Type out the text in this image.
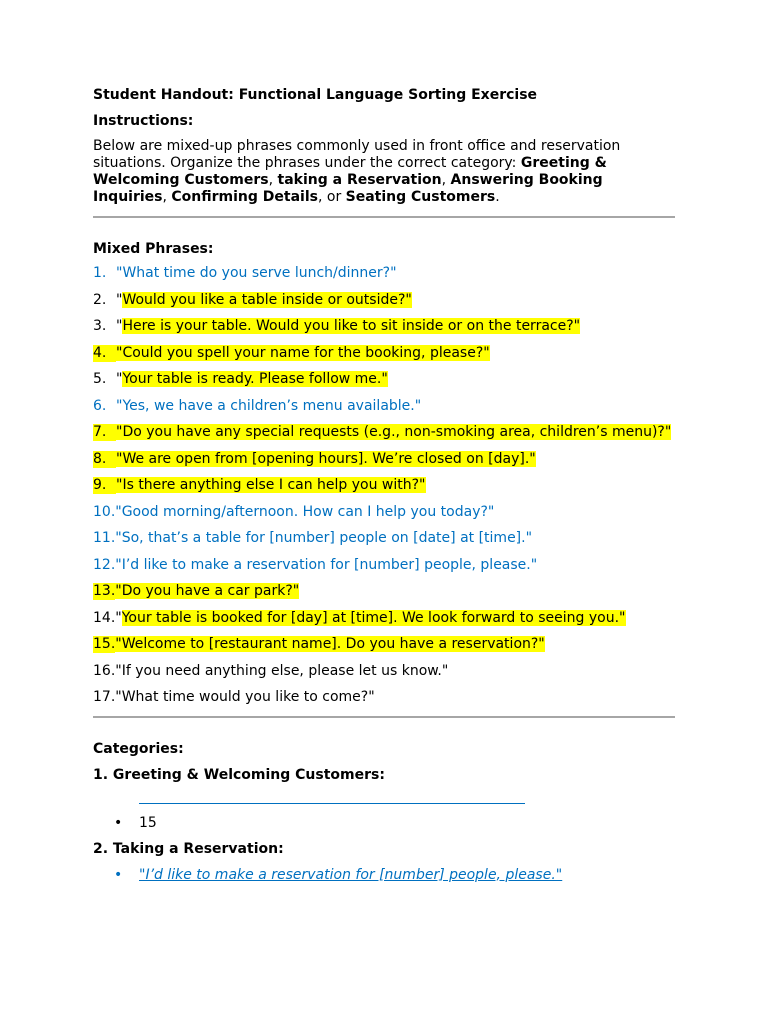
Student Handout: Functional Language Sorting Exercise
Instructions:
Below are mixed-up phrases commonly used in front office and reservation situations. Organize the phrases under the correct category: Greeting & Welcoming Customers, taking a Reservation, Answering Booking Inquiries, Confirming Details, or Seating Customers.
Mixed Phrases:
1. "What time do you serve lunch/dinner?"
2. "Would you like a table inside or outside?"
3. "Here is your table. Would you like to sit inside or on the terrace?"
4. "Could you spell your name for the booking, please?"
5. "Your table is ready. Please follow me."
6. "Yes, we have a children’s menu available."
7. "Do you have any special requests (e.g., non-smoking area, children’s menu)?"
8. "We are open from [opening hours]. We’re closed on [day]."
9. "Is there anything else I can help you with?"
10. "Good morning/afternoon. How can I help you today?"
11. "So, that’s a table for [number] people on [date] at [time]."
12. "I’d like to make a reservation for [number] people, please."
13. "Do you have a car park?"
14. "Your table is booked for [day] at [time]. We look forward to seeing you."
15. "Welcome to [restaurant name]. Do you have a reservation?"
16. "If you need anything else, please let us know."
17. "What time would you like to come?"
Categories:
1. Greeting & Welcoming Customers:
•	15
2. Taking a Reservation:
•	"I’d like to make a reservation for [number] people, please."
